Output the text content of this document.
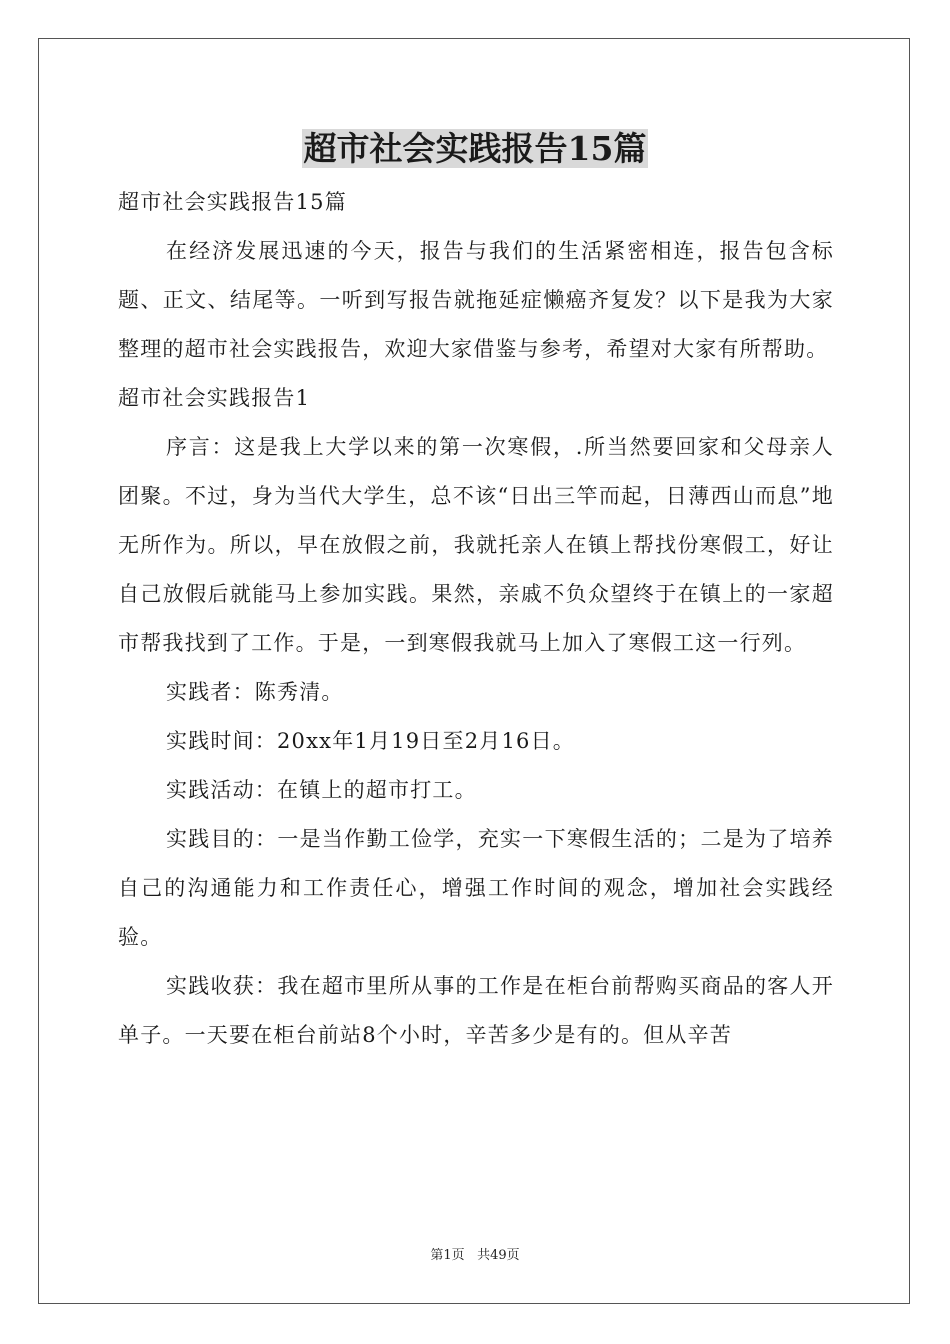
超市社会实践报告15篇

超市社会实践报告15篇

在经济发展迅速的今天，报告与我们的生活紧密相连，报告包含标题、正文、结尾等。一听到写报告就拖延症懒癌齐复发？以下是我为大家整理的超市社会实践报告，欢迎大家借鉴与参考，希望对大家有所帮助。

超市社会实践报告1

序言：这是我上大学以来的第一次寒假，.所当然要回家和父母亲人团聚。不过，身为当代大学生，总不该“日出三竿而起，日薄西山而息”地无所作为。所以，早在放假之前，我就托亲人在镇上帮找份寒假工，好让自己放假后就能马上参加实践。果然，亲戚不负众望终于在镇上的一家超市帮我找到了工作。于是，一到寒假我就马上加入了寒假工这一行列。

实践者：陈秀清。

实践时间：20xx年1月19日至2月16日。

实践活动：在镇上的超市打工。

实践目的：一是当作勤工俭学，充实一下寒假生活的；二是为了培养自己的沟通能力和工作责任心，增强工作时间的观念，增加社会实践经验。

实践收获：我在超市里所从事的工作是在柜台前帮购买商品的客人开单子。一天要在柜台前站8个小时，辛苦多少是有的。但从辛苦

第1页 共49页
